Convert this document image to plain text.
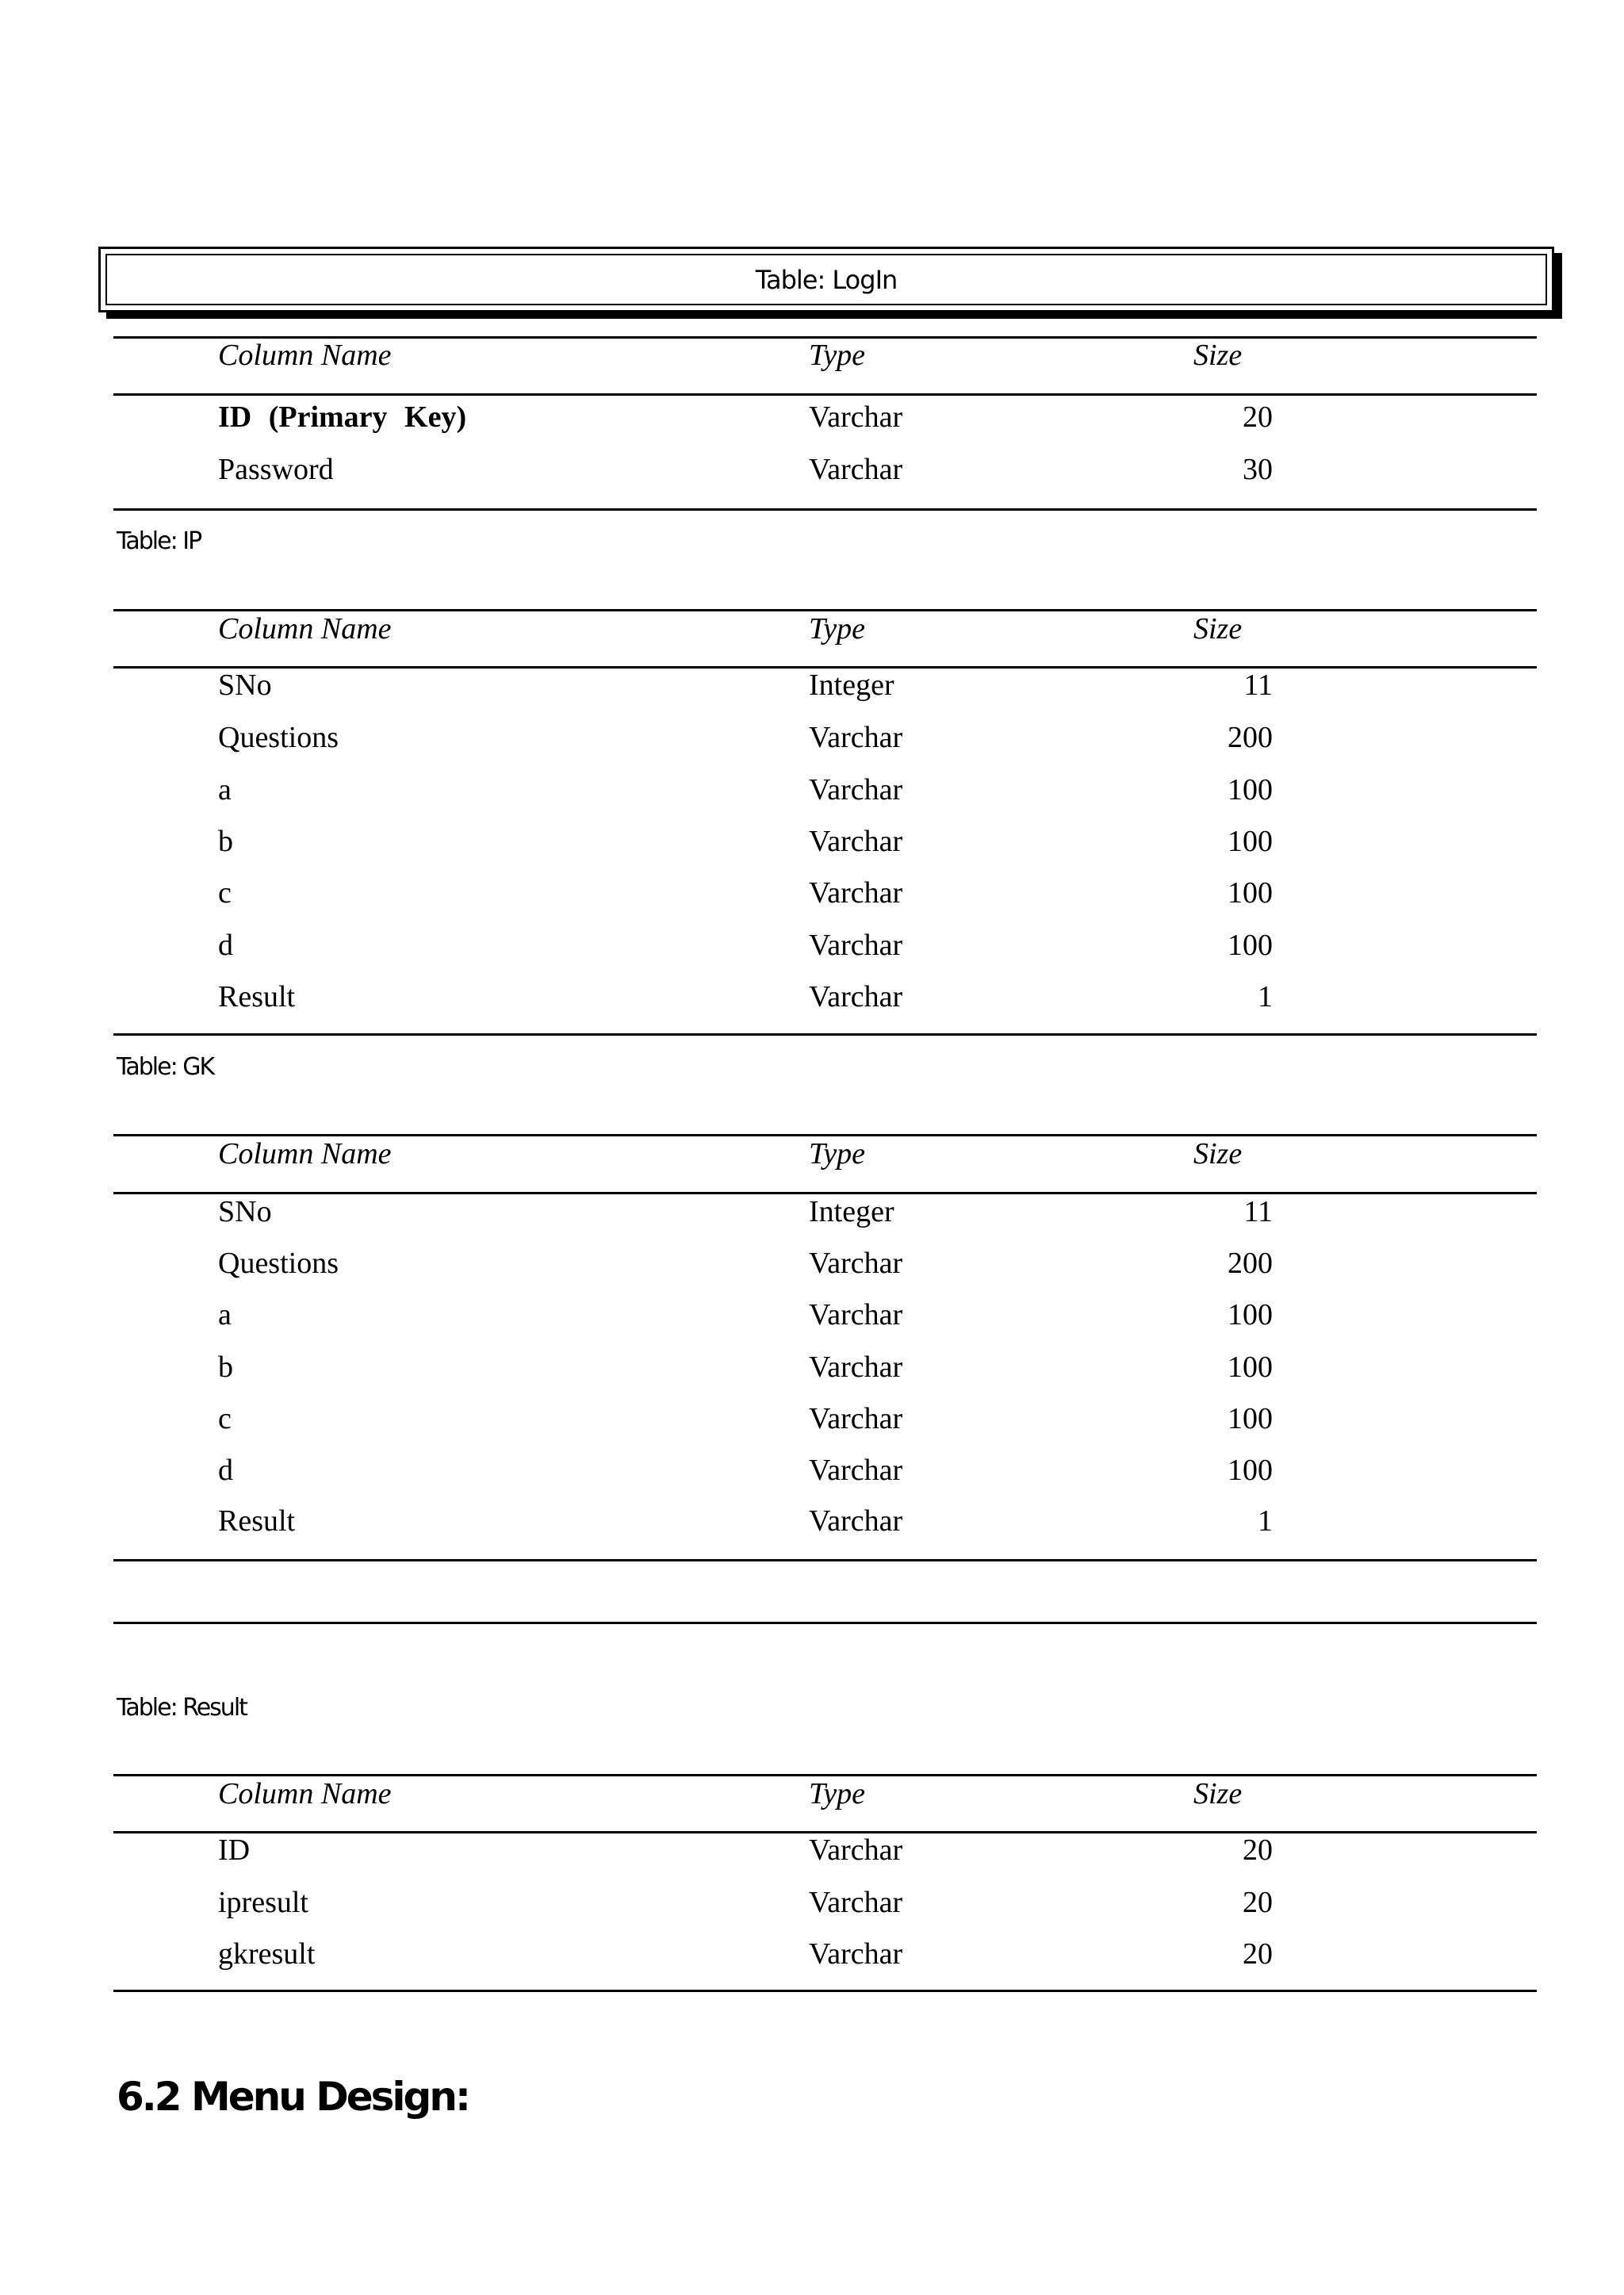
Table: LogIn
Column Name	Type	Size
ID (Primary Key)	Varchar	20
Password	Varchar	30
Table: IP
Column Name	Type	Size
SNo	Integer	11
Questions	Varchar	200
a	Varchar	100
b	Varchar	100
c	Varchar	100
d	Varchar	100
Result	Varchar	1
Table: GK
Column Name	Type	Size
SNo	Integer	11
Questions	Varchar	200
a	Varchar	100
b	Varchar	100
c	Varchar	100
d	Varchar	100
Result	Varchar	1
Table: Result
Column Name	Type	Size
ID	Varchar	20
ipresult	Varchar	20
gkresult	Varchar	20
6.2 Menu Design:
